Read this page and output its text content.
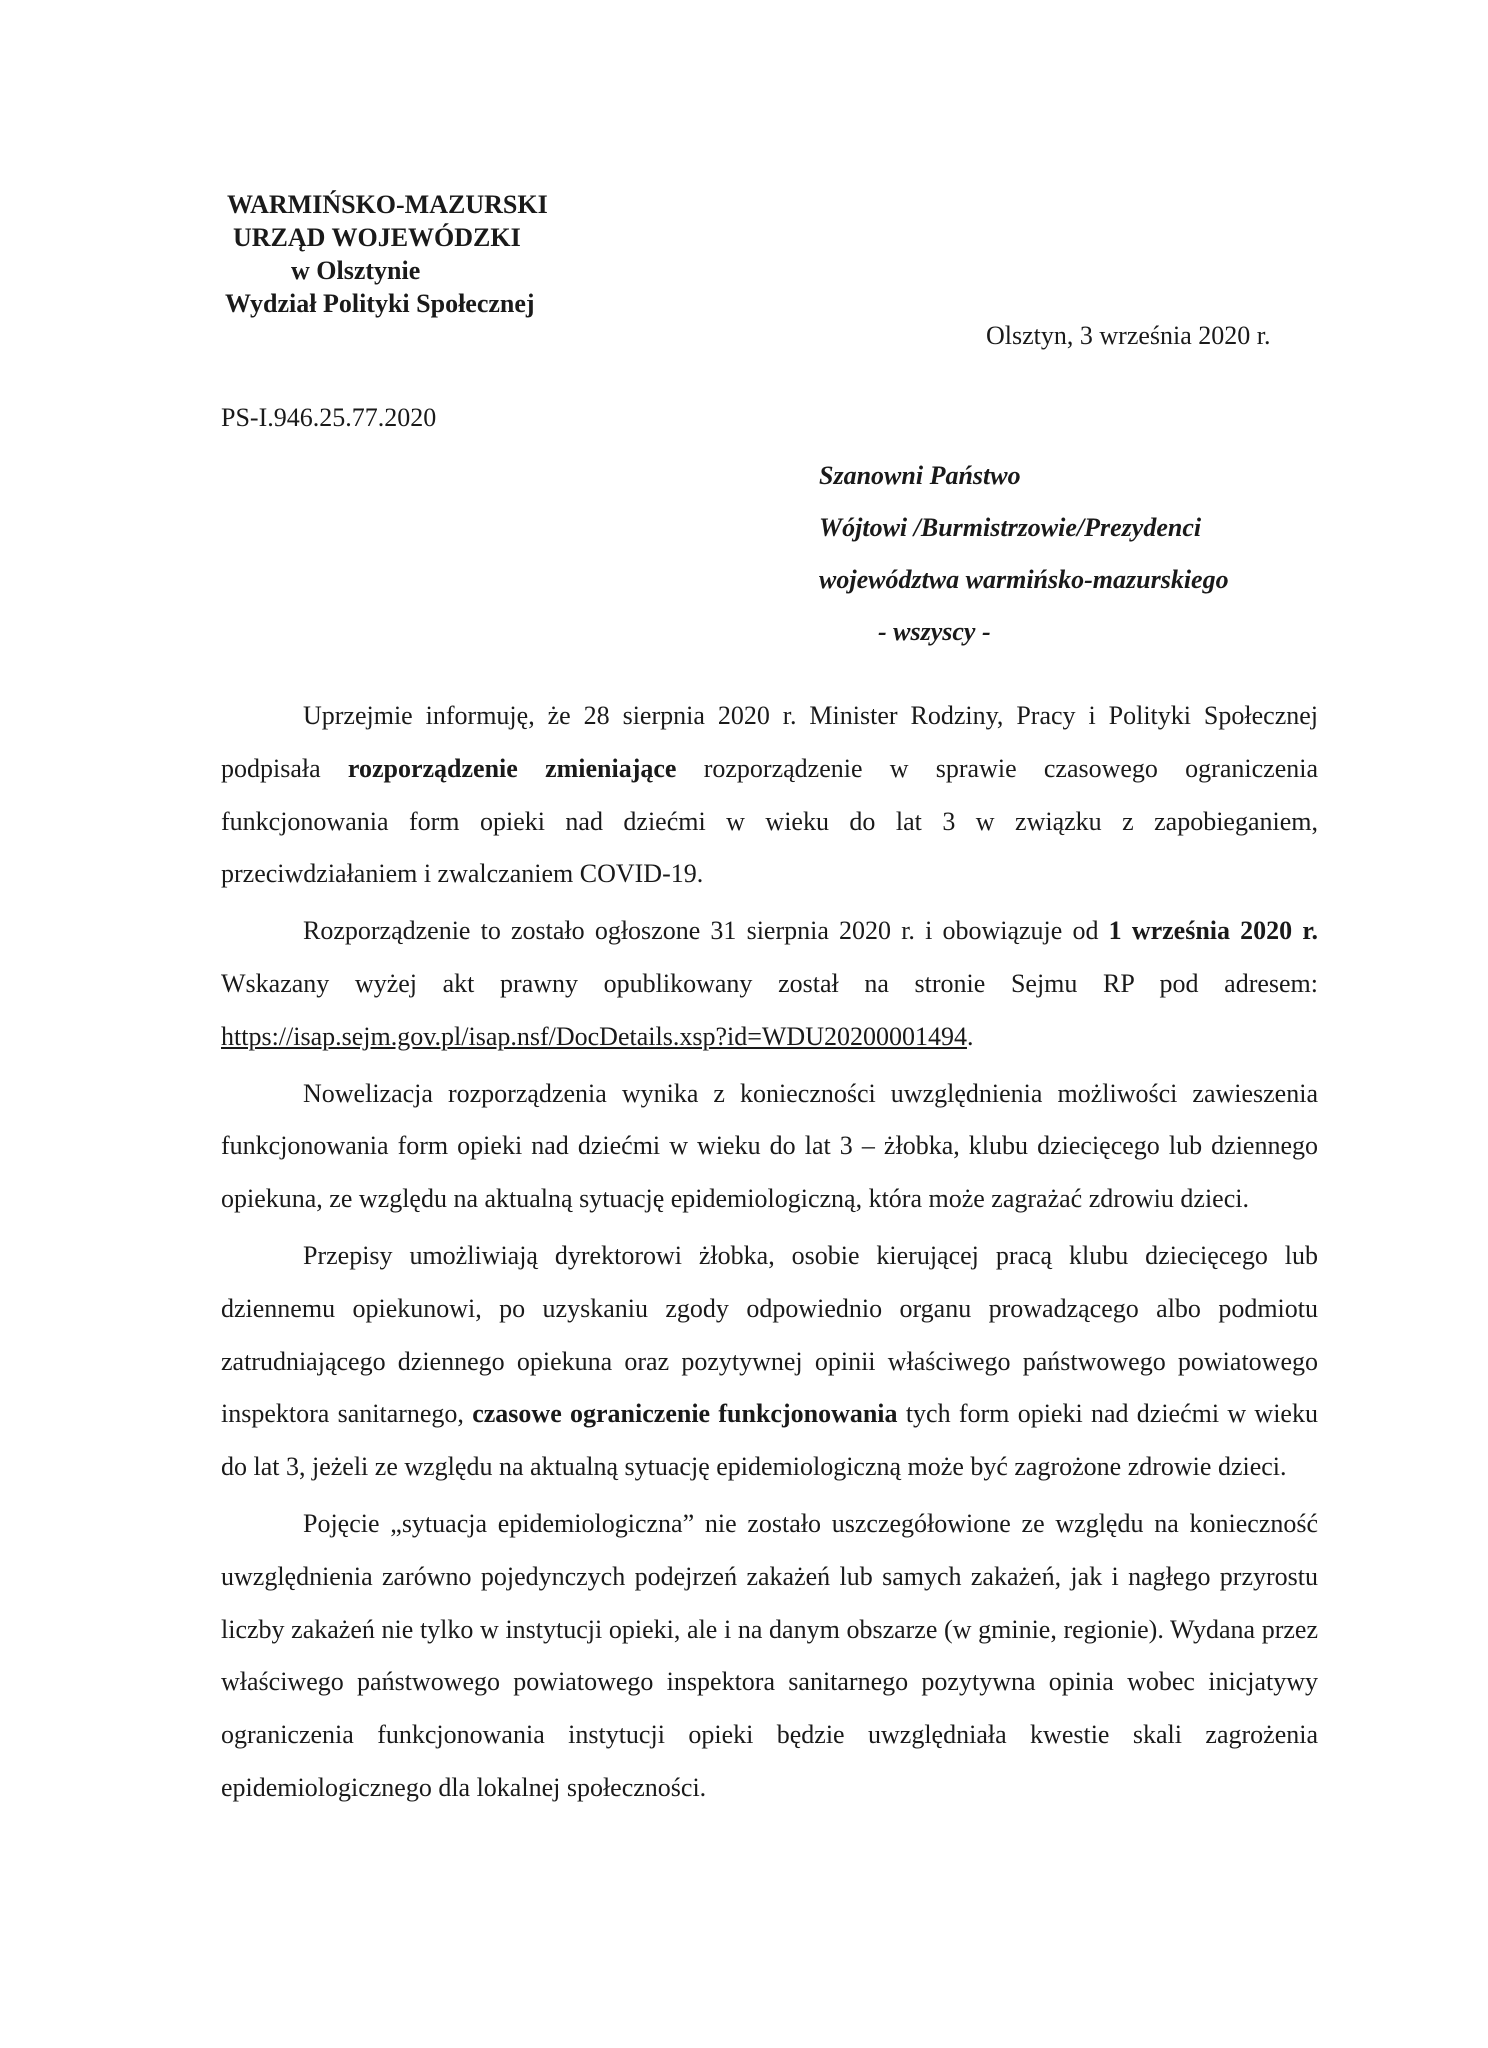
WARMIŃSKO-MAZURSKI
URZĄD WOJEWÓDZKI
w Olsztynie
Wydział Polityki Społecznej
Olsztyn, 3 września 2020 r.
PS-I.946.25.77.2020
Szanowni Państwo
Wójtowi /Burmistrzowie/Prezydenci
województwa warmińsko-mazurskiego
- wszyscy -

Uprzejmie informuję, że 28 sierpnia 2020 r. Minister Rodziny, Pracy i Polityki Społecznej podpisała rozporządzenie zmieniające rozporządzenie w sprawie czasowego ograniczenia funkcjonowania form opieki nad dziećmi w wieku do lat 3 w związku z zapobieganiem, przeciwdziałaniem i zwalczaniem COVID-19.

Rozporządzenie to zostało ogłoszone 31 sierpnia 2020 r. i obowiązuje od 1 września 2020 r. Wskazany wyżej akt prawny opublikowany został na stronie Sejmu RP pod adresem: https://isap.sejm.gov.pl/isap.nsf/DocDetails.xsp?id=WDU20200001494.

Nowelizacja rozporządzenia wynika z konieczności uwzględnienia możliwości zawieszenia funkcjonowania form opieki nad dziećmi w wieku do lat 3 – żłobka, klubu dziecięcego lub dziennego opiekuna, ze względu na aktualną sytuację epidemiologiczną, która może zagrażać zdrowiu dzieci.

Przepisy umożliwiają dyrektorowi żłobka, osobie kierującej pracą klubu dziecięcego lub dziennemu opiekunowi, po uzyskaniu zgody odpowiednio organu prowadzącego albo podmiotu zatrudniającego dziennego opiekuna oraz pozytywnej opinii właściwego państwowego powiatowego inspektora sanitarnego, czasowe ograniczenie funkcjonowania tych form opieki nad dziećmi w wieku do lat 3, jeżeli ze względu na aktualną sytuację epidemiologiczną może być zagrożone zdrowie dzieci.

Pojęcie „sytuacja epidemiologiczna” nie zostało uszczegółowione ze względu na konieczność uwzględnienia zarówno pojedynczych podejrzeń zakażeń lub samych zakażeń, jak i nagłego przyrostu liczby zakażeń nie tylko w instytucji opieki, ale i na danym obszarze (w gminie, regionie). Wydana przez właściwego państwowego powiatowego inspektora sanitarnego pozytywna opinia wobec inicjatywy ograniczenia funkcjonowania instytucji opieki będzie uwzględniała kwestie skali zagrożenia epidemiologicznego dla lokalnej społeczności.
